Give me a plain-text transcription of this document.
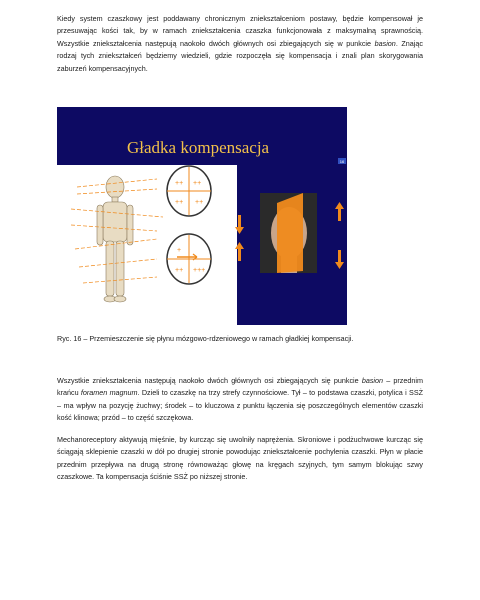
Kiedy system czaszkowy jest poddawany chronicznym zniekształceniom postawy, będzie kompensował je przesuwając kości tak, by w ramach zniekształcenia czaszka funkcjonowała z maksymalną sprawnością. Wszystkie zniekształcenia następują naokoło dwóch głównych osi zbiegających się w punkcie basion. Znając rodzaj tych zniekształceń będziemy wiedzieli, gdzie rozpoczęła się kompensacja i znali plan skorygowania zaburzeń kompensacyjnych.

Gładka kompensacja
16
++ ++
++ ++
+
++ +++

Ryc. 16 – Przemieszczenie się płynu mózgowo-rdzeniowego w ramach gładkiej kompensacji.

Wszystkie zniekształcenia następują naokoło dwóch głównych osi zbiegających się punkcie basion – przednim krańcu foramen magnum. Dzieli to czaszkę na trzy strefy czynnościowe. Tył – to podstawa czaszki, potylica i SSŻ – ma wpływ na pozycję żuchwy; środek – to kluczowa z punktu łączenia się poszczególnych elementów czaszki kość klinowa; przód – to część szczękowa.

Mechanoreceptory aktywują mięśnie, by kurcząc się uwolniły naprężenia. Skroniowe i podżuchwowe kurcząc się ściągają sklepienie czaszki w dół po drugiej stronie powodując zniekształcenie pochylenia czaszki. Płyn w płacie przednim przepływa na drugą stronę równoważąc głowę na kręgach szyjnych, tym samym blokując szwy czaszkowe. Ta kompensacja ściśnie SSŻ po niższej stronie.
